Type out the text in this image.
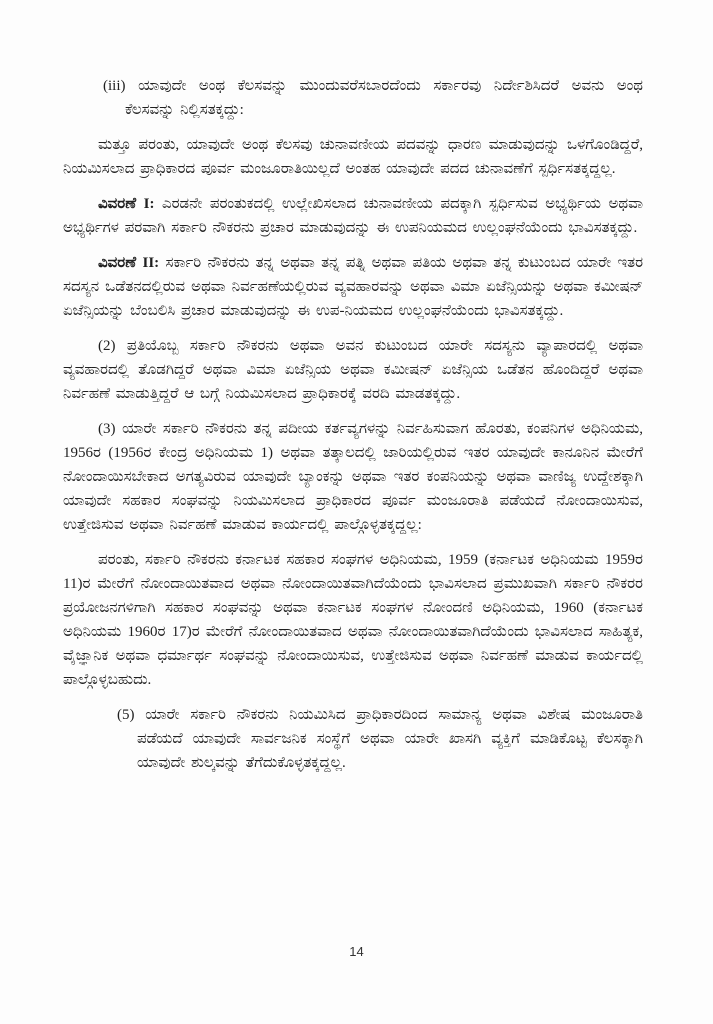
(iii) ಯಾವುದೇ ಅಂಥ ಕೆಲಸವನ್ನು ಮುಂದುವರೆಸಬಾರದೆಂದು ಸರ್ಕಾರವು ನಿರ್ದೇಶಿಸಿದರೆ ಅವನು ಅಂಥ ಕೆಲಸವನ್ನು ನಿಲ್ಲಿಸತಕ್ಕದ್ದು:

ಮತ್ತೂ ಪರಂತು, ಯಾವುದೇ ಅಂಥ ಕೆಲಸವು ಚುನಾವಣೀಯ ಪದವನ್ನು ಧಾರಣ ಮಾಡುವುದನ್ನು ಒಳಗೊಂಡಿದ್ದರೆ, ನಿಯಮಿಸಲಾದ ಪ್ರಾಧಿಕಾರದ ಪೂರ್ವ ಮಂಜೂರಾತಿಯಿಲ್ಲದೆ ಅಂತಹ ಯಾವುದೇ ಪದದ ಚುನಾವಣೆಗೆ ಸ್ಪರ್ಧಿಸತಕ್ಕದ್ದಲ್ಲ.

ವಿವರಣೆ I: ಎರಡನೇ ಪರಂತುಕದಲ್ಲಿ ಉಲ್ಲೇಖಿಸಲಾದ ಚುನಾವಣೀಯ ಪದಕ್ಕಾಗಿ ಸ್ಪರ್ಧಿಸುವ ಅಭ್ಯರ್ಥಿಯ ಅಥವಾ ಅಭ್ಯರ್ಥಿಗಳ ಪರವಾಗಿ ಸರ್ಕಾರಿ ನೌಕರನು ಪ್ರಚಾರ ಮಾಡುವುದನ್ನು ಈ ಉಪನಿಯಮದ ಉಲ್ಲಂಘನೆಯೆಂದು ಭಾವಿಸತಕ್ಕದ್ದು.

ವಿವರಣೆ II: ಸರ್ಕಾರಿ ನೌಕರನು ತನ್ನ ಅಥವಾ ತನ್ನ ಪತ್ನಿ ಅಥವಾ ಪತಿಯ ಅಥವಾ ತನ್ನ ಕುಟುಂಬದ ಯಾರೇ ಇತರ ಸದಸ್ಯನ ಒಡೆತನದಲ್ಲಿರುವ ಅಥವಾ ನಿರ್ವಹಣೆಯಲ್ಲಿರುವ ವ್ಯವಹಾರವನ್ನು ಅಥವಾ ವಿಮಾ ಏಜೆನ್ಸಿಯನ್ನು ಅಥವಾ ಕಮೀಷನ್ ಏಜೆನ್ಸಿಯನ್ನು ಬೆಂಬಲಿಸಿ ಪ್ರಚಾರ ಮಾಡುವುದನ್ನು ಈ ಉಪ-ನಿಯಮದ ಉಲ್ಲಂಘನೆಯೆಂದು ಭಾವಿಸತಕ್ಕದ್ದು.

(2) ಪ್ರತಿಯೊಬ್ಬ ಸರ್ಕಾರಿ ನೌಕರನು ಅಥವಾ ಅವನ ಕುಟುಂಬದ ಯಾರೇ ಸದಸ್ಯನು ವ್ಯಾಪಾರದಲ್ಲಿ ಅಥವಾ ವ್ಯವಹಾರದಲ್ಲಿ ತೊಡಗಿದ್ದರೆ ಅಥವಾ ವಿಮಾ ಏಜೆನ್ಸಿಯ ಅಥವಾ ಕಮೀಷನ್ ಏಜೆನ್ಸಿಯ ಒಡೆತನ ಹೊಂದಿದ್ದರೆ ಅಥವಾ ನಿರ್ವಹಣೆ ಮಾಡುತ್ತಿದ್ದರೆ ಆ ಬಗ್ಗೆ ನಿಯಮಿಸಲಾದ ಪ್ರಾಧಿಕಾರಕ್ಕೆ ವರದಿ ಮಾಡತಕ್ಕದ್ದು.

(3) ಯಾರೇ ಸರ್ಕಾರಿ ನೌಕರನು ತನ್ನ ಪದೀಯ ಕರ್ತವ್ಯಗಳನ್ನು ನಿರ್ವಹಿಸುವಾಗ ಹೊರತು, ಕಂಪನಿಗಳ ಅಧಿನಿಯಮ, 1956ರ (1956ರ ಕೇಂದ್ರ ಅಧಿನಿಯಮ 1) ಅಥವಾ ತತ್ಕಾಲದಲ್ಲಿ ಜಾರಿಯಲ್ಲಿರುವ ಇತರ ಯಾವುದೇ ಕಾನೂನಿನ ಮೇರೆಗೆ ನೋಂದಾಯಿಸಬೇಕಾದ ಅಗತ್ಯವಿರುವ ಯಾವುದೇ ಬ್ಯಾಂಕನ್ನು ಅಥವಾ ಇತರ ಕಂಪನಿಯನ್ನು ಅಥವಾ ವಾಣಿಜ್ಯ ಉದ್ದೇಶಕ್ಕಾಗಿ ಯಾವುದೇ ಸಹಕಾರ ಸಂಘವನ್ನು ನಿಯಮಿಸಲಾದ ಪ್ರಾಧಿಕಾರದ ಪೂರ್ವ ಮಂಜೂರಾತಿ ಪಡೆಯದೆ ನೋಂದಾಯಿಸುವ, ಉತ್ತೇಜಿಸುವ ಅಥವಾ ನಿರ್ವಹಣೆ ಮಾಡುವ ಕಾರ್ಯದಲ್ಲಿ ಪಾಲ್ಗೊಳ್ಳತಕ್ಕದ್ದಲ್ಲ:

ಪರಂತು, ಸರ್ಕಾರಿ ನೌಕರನು ಕರ್ನಾಟಕ ಸಹಕಾರ ಸಂಘಗಳ ಅಧಿನಿಯಮ, 1959 (ಕರ್ನಾಟಕ ಅಧಿನಿಯಮ 1959ರ 11)ರ ಮೇರೆಗೆ ನೋಂದಾಯಿತವಾದ ಅಥವಾ ನೋಂದಾಯಿತವಾಗಿದೆಯೆಂದು ಭಾವಿಸಲಾದ ಪ್ರಮುಖವಾಗಿ ಸರ್ಕಾರಿ ನೌಕರರ ಪ್ರಯೋಜನಗಳಿಗಾಗಿ ಸಹಕಾರ ಸಂಘವನ್ನು ಅಥವಾ ಕರ್ನಾಟಕ ಸಂಘಗಳ ನೋಂದಣಿ ಅಧಿನಿಯಮ, 1960 (ಕರ್ನಾಟಕ ಅಧಿನಿಯಮ 1960ರ 17)ರ ಮೇರೆಗೆ ನೋಂದಾಯಿತವಾದ ಅಥವಾ ನೋಂದಾಯಿತವಾಗಿದೆಯೆಂದು ಭಾವಿಸಲಾದ ಸಾಹಿತ್ಯಕ, ವೈಜ್ಞಾನಿಕ ಅಥವಾ ಧರ್ಮಾರ್ಥ ಸಂಘವನ್ನು ನೋಂದಾಯಿಸುವ, ಉತ್ತೇಜಿಸುವ ಅಥವಾ ನಿರ್ವಹಣೆ ಮಾಡುವ ಕಾರ್ಯದಲ್ಲಿ ಪಾಲ್ಗೊಳ್ಳಬಹುದು.

(5) ಯಾರೇ ಸರ್ಕಾರಿ ನೌಕರನು ನಿಯಮಿಸಿದ ಪ್ರಾಧಿಕಾರದಿಂದ ಸಾಮಾನ್ಯ ಅಥವಾ ವಿಶೇಷ ಮಂಜೂರಾತಿ ಪಡೆಯದೆ ಯಾವುದೇ ಸಾರ್ವಜನಿಕ ಸಂಸ್ಥೆಗೆ ಅಥವಾ ಯಾರೇ ಖಾಸಗಿ ವ್ಯಕ್ತಿಗೆ ಮಾಡಿಕೊಟ್ಟ ಕೆಲಸಕ್ಕಾಗಿ ಯಾವುದೇ ಶುಲ್ಕವನ್ನು ತೆಗೆದುಕೊಳ್ಳತಕ್ಕದ್ದಲ್ಲ.

14
